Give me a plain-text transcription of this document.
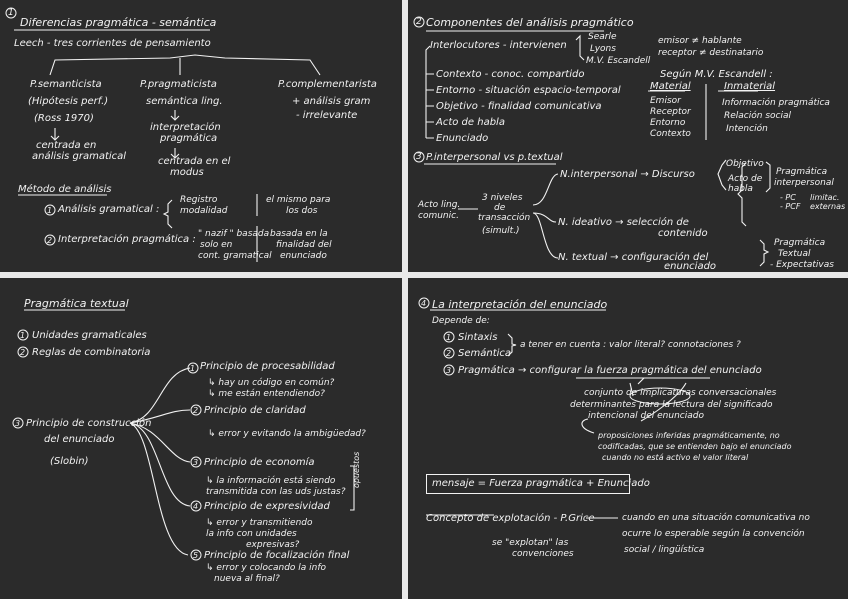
1
Diferencias pragmática - semántica
Leech - tres corrientes de pensamiento
P.semanticista
(Hipótesis perf.)
(Ross 1970)
centrada en
análisis gramatical
P.pragmaticista
semántica ling.
interpretación
pragmática
centrada en el
modus
P.complementarista
+ análisis gram
- irrelevante
Método de análisis
1 Análisis gramatical :
Registro
modalidad
el mismo para
los dos
2 Interpretación pragmática : " nazif " basada
solo en
cont. gramatical
basada en la
finalidad del
enunciado
2 Componentes del análisis pragmático
Interlocutores - intervienen
Searle
Lyons
M.V. Escandell
emisor ≠ hablante
receptor ≠ destinatario
Contexto - conoc. compartido
Entorno - situación espacio-temporal
Objetivo - finalidad comunicativa
Acto de habla
Enunciado
Según M.V. Escandell :
Material	Inmaterial
Emisor
Receptor
Entorno
Contexto
Información pragmática
Relación social
Intención
3 P.interpersonal vs p.textual
Acto ling.
comunic.
3 niveles
de
transacción
(simult.)
N.interpersonal → Discurso
Objetivo
Acto de
habla
Pragmática
interpersonal
- PC
- PCF
limitac.
externas
N. ideativo → selección de
contenido
N. textual → configuración del
enunciado
Pragmática
Textual
- Expectativas
Pragmática textual
1 Unidades gramaticales
2 Reglas de combinatoria
3 Principio de construcción
del enunciado
(Slobin)
1 Principio de procesabilidad
↳ hay un código en común?
↳ me están entendiendo?
2 Principio de claridad
↳ error y evitando la ambigüedad?
3 Principio de economía
↳ la información está siendo
transmitida con las uds justas?
4 Principio de expresividad
↳ error y transmitiendo
la info con unidades
expresivas?
5 Principio de focalización final
↳ error y colocando la info
nueva al final?
opuestos
4 La interpretación del enunciado
Depende de:
1 Sintaxis
2 Semántica
a tener en cuenta : valor literal? connotaciones ?
3 Pragmática → configurar la fuerza pragmática del enunciado
conjunto de implicaturas conversacionales
determinantes para la lectura del significado
intencional del enunciado
proposiciones inferidas pragmáticamente, no
codificadas, que se entienden bajo el enunciado
cuando no está activo el valor literal
mensaje = Fuerza pragmática + Enunciado
Concepto de explotación - P.Grice	cuando en una situación comunicativa no
ocurre lo esperable según la convención
social / lingüística
se "explotan" las
convenciones
